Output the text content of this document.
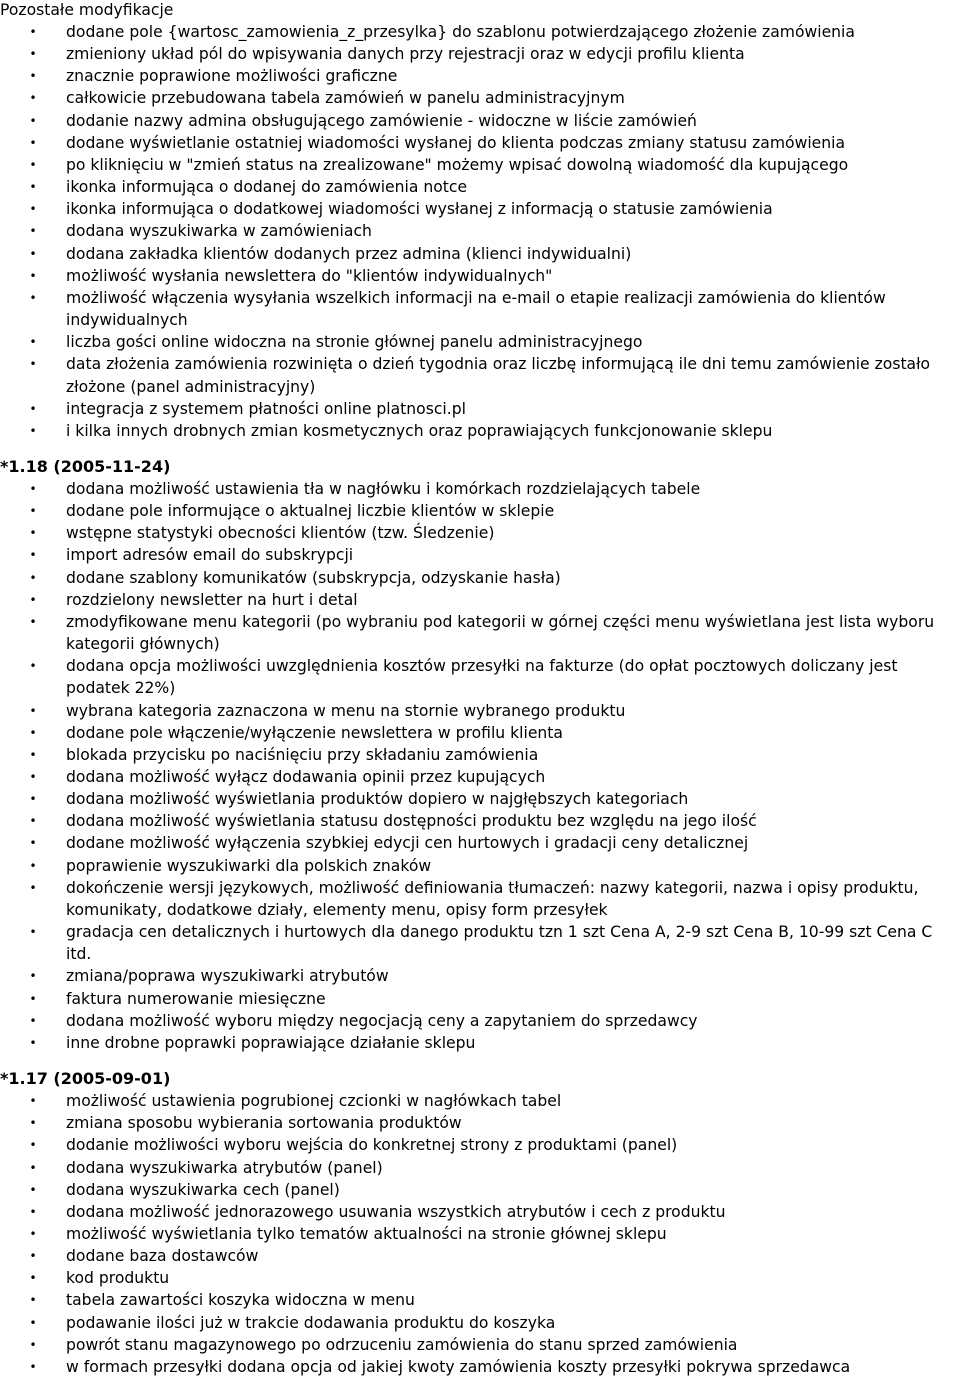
Pozostałe modyfikacje
• dodane pole {wartosc_zamowienia_z_przesylka} do szablonu potwierdzającego złożenie zamówienia
• zmieniony układ pól do wpisywania danych przy rejestracji oraz w edycji profilu klienta
• znacznie poprawione możliwości graficzne
• całkowicie przebudowana tabela zamówień w panelu administracyjnym
• dodanie nazwy admina obsługującego zamówienie - widoczne w liście zamówień
• dodane wyświetlanie ostatniej wiadomości wysłanej do klienta podczas zmiany statusu zamówienia
• po kliknięciu w "zmień status na zrealizowane" możemy wpisać dowolną wiadomość dla kupującego
• ikonka informująca o dodanej do zamówienia notce
• ikonka informująca o dodatkowej wiadomości wysłanej z informacją o statusie zamówienia
• dodana wyszukiwarka w zamówieniach
• dodana zakładka klientów dodanych przez admina (klienci indywidualni)
• możliwość wysłania newslettera do "klientów indywidualnych"
• możliwość włączenia wysyłania wszelkich informacji na e-mail o etapie realizacji zamówienia do klientów indywidualnych
• liczba gości online widoczna na stronie głównej panelu administracyjnego
• data złożenia zamówienia rozwinięta o dzień tygodnia oraz liczbę informującą ile dni temu zamówienie zostało złożone (panel administracyjny)
• integracja z systemem płatności online platnosci.pl
• i kilka innych drobnych zmian kosmetycznych oraz poprawiających funkcjonowanie sklepu
*1.18 (2005-11-24)
• dodana możliwość ustawienia tła w nagłówku i komórkach rozdzielających tabele
• dodane pole informujące o aktualnej liczbie klientów w sklepie
• wstępne statystyki obecności klientów (tzw. Śledzenie)
• import adresów email do subskrypcji
• dodane szablony komunikatów (subskrypcja, odzyskanie hasła)
• rozdzielony newsletter na hurt i detal
• zmodyfikowane menu kategorii (po wybraniu pod kategorii w górnej części menu wyświetlana jest lista wyboru kategorii głównych)
• dodana opcja możliwości uwzględnienia kosztów przesyłki na fakturze (do opłat pocztowych doliczany jest podatek 22%)
• wybrana kategoria zaznaczona w menu na stornie wybranego produktu
• dodane pole włączenie/wyłączenie newslettera w profilu klienta
• blokada przycisku po naciśnięciu przy składaniu zamówienia
• dodana możliwość wyłącz dodawania opinii przez kupujących
• dodana możliwość wyświetlania produktów dopiero w najgłębszych kategoriach
• dodana możliwość wyświetlania statusu dostępności produktu bez względu na jego ilość
• dodane możliwość wyłączenia szybkiej edycji cen hurtowych i gradacji ceny detalicznej
• poprawienie wyszukiwarki dla polskich znaków
• dokończenie wersji językowych, możliwość definiowania tłumaczeń: nazwy kategorii, nazwa i opisy produktu, komunikaty, dodatkowe działy, elementy menu, opisy form przesyłek
• gradacja cen detalicznych i hurtowych dla danego produktu tzn 1 szt Cena A, 2-9 szt Cena B, 10-99 szt Cena C itd.
• zmiana/poprawa wyszukiwarki atrybutów
• faktura numerowanie miesięczne
• dodana możliwość wyboru między negocjacją ceny a zapytaniem do sprzedawcy
• inne drobne poprawki poprawiające działanie sklepu
*1.17 (2005-09-01)
• możliwość ustawienia pogrubionej czcionki w nagłówkach tabel
• zmiana sposobu wybierania sortowania produktów
• dodanie możliwości wyboru wejścia do konkretnej strony z produktami (panel)
• dodana wyszukiwarka atrybutów (panel)
• dodana wyszukiwarka cech (panel)
• dodana możliwość jednorazowego usuwania wszystkich atrybutów i cech z produktu
• możliwość wyświetlania tylko tematów aktualności na stronie głównej sklepu
• dodane baza dostawców
• kod produktu
• tabela zawartości koszyka widoczna w menu
• podawanie ilości już w trakcie dodawania produktu do koszyka
• powrót stanu magazynowego po odrzuceniu zamówienia do stanu sprzed zamówienia
• w formach przesyłki dodana opcja od jakiej kwoty zamówienia koszty przesyłki pokrywa sprzedawca
